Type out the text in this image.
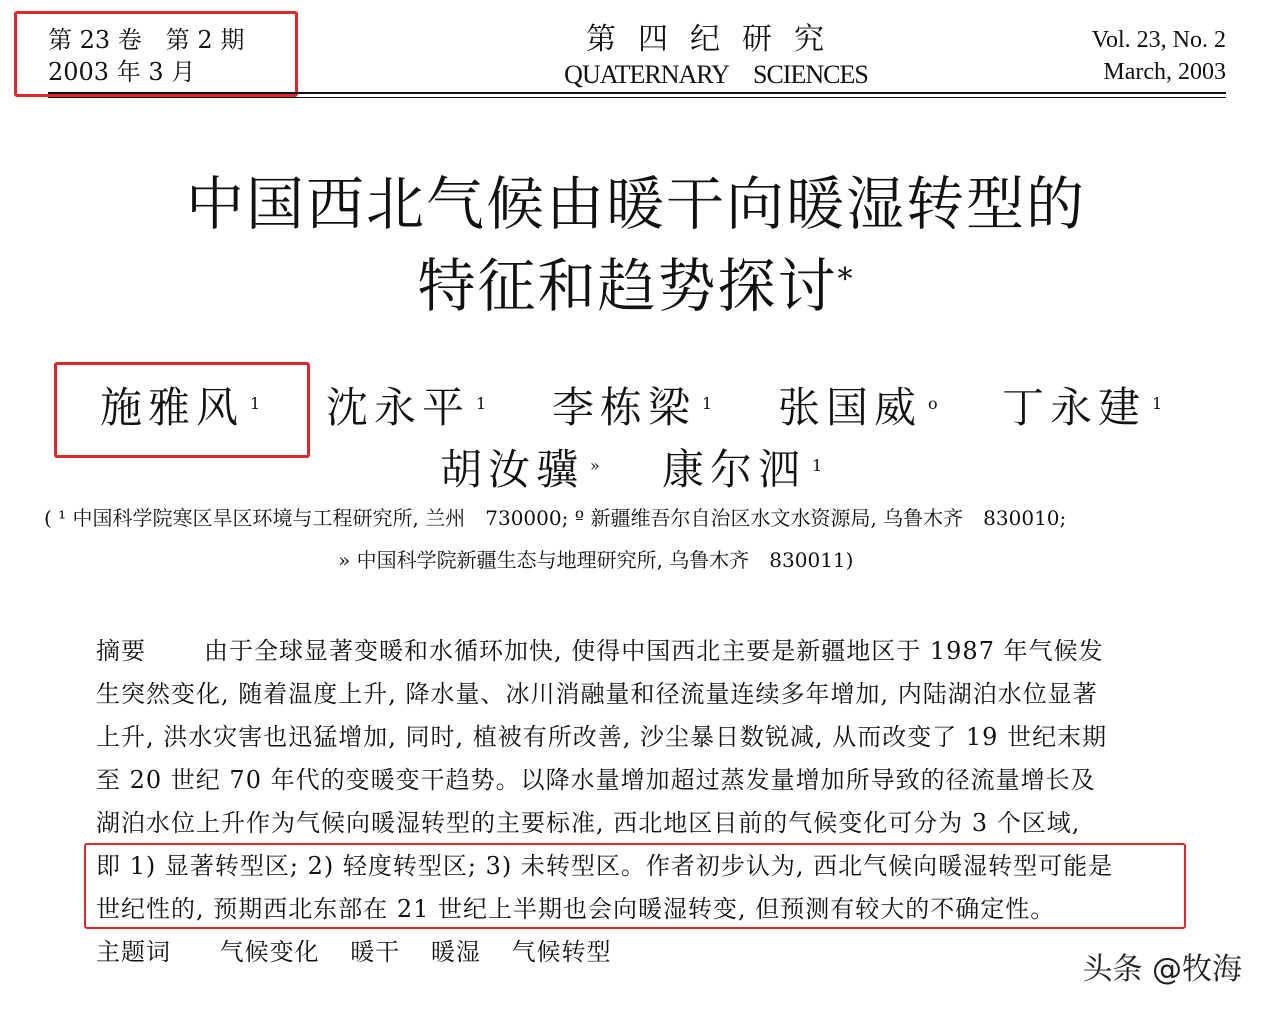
第 23 卷　第 2 期
2003 年 3 月
第四纪研究
QUATERNARY　SCIENCES
Vol. 23, No. 2
March, 2003
中国西北气候由暖干向暖湿转型的
特征和趋势探讨*
施雅风 $^1$ 沈永平 $^1$ 李栋梁 $^1$ 张国威 $^o$ 丁永建 $^1$
胡汝骥 » 康尔泗 $^1$
( ¹ 中国科学院寒区旱区环境与工程研究所, 兰州　730000; º 新疆维吾尔自治区水文水资源局, 乌鲁木齐　830010;
» 中国科学院新疆生态与地理研究所, 乌鲁木齐　830011)
摘要 由于全球显著变暖和水循环加快, 使得中国西北主要是新疆地区于 1987 年气候发
生突然变化, 随着温度上升, 降水量、冰川消融量和径流量连续多年增加, 内陆湖泊水位显著
上升, 洪水灾害也迅猛增加, 同时, 植被有所改善, 沙尘暴日数锐减, 从而改变了 19 世纪末期
至 20 世纪 70 年代的变暖变干趋势。以降水量增加超过蒸发量增加所导致的径流量增长及
湖泊水位上升作为气候向暖湿转型的主要标准, 西北地区目前的气候变化可分为 3 个区域,
即 1) 显著转型区; 2) 轻度转型区; 3) 未转型区。作者初步认为, 西北气候向暖湿转型可能是
世纪性的, 预期西北东部在 21 世纪上半期也会向暖湿转变, 但预测有较大的不确定性。
主题词 气候变化 暖干 暖湿 气候转型	头条 @牧海
